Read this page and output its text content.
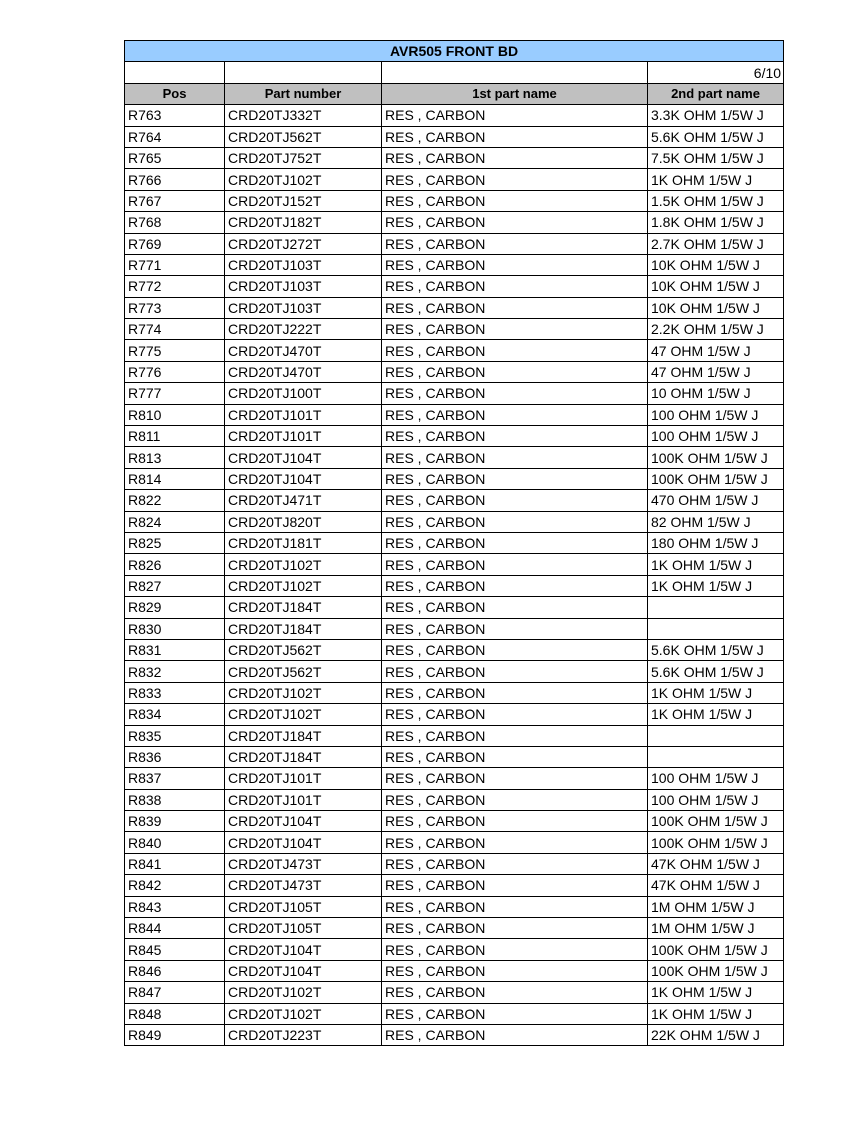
AVR505 FRONT BD			
			6/10
Pos	Part number	1st part name	2nd part name
R763	CRD20TJ332T	RES , CARBON	3.3K OHM 1/5W J
R764	CRD20TJ562T	RES , CARBON	5.6K OHM 1/5W J
R765	CRD20TJ752T	RES , CARBON	7.5K OHM 1/5W J
R766	CRD20TJ102T	RES , CARBON	1K OHM 1/5W J
R767	CRD20TJ152T	RES , CARBON	1.5K OHM 1/5W J
R768	CRD20TJ182T	RES , CARBON	1.8K OHM 1/5W J
R769	CRD20TJ272T	RES , CARBON	2.7K OHM 1/5W J
R771	CRD20TJ103T	RES , CARBON	10K OHM 1/5W J
R772	CRD20TJ103T	RES , CARBON	10K OHM 1/5W J
R773	CRD20TJ103T	RES , CARBON	10K OHM 1/5W J
R774	CRD20TJ222T	RES , CARBON	2.2K OHM 1/5W J
R775	CRD20TJ470T	RES , CARBON	47 OHM 1/5W J
R776	CRD20TJ470T	RES , CARBON	47 OHM 1/5W J
R777	CRD20TJ100T	RES , CARBON	10 OHM 1/5W J
R810	CRD20TJ101T	RES , CARBON	100 OHM 1/5W J
R811	CRD20TJ101T	RES , CARBON	100 OHM 1/5W J
R813	CRD20TJ104T	RES , CARBON	100K OHM 1/5W J
R814	CRD20TJ104T	RES , CARBON	100K OHM 1/5W J
R822	CRD20TJ471T	RES , CARBON	470 OHM 1/5W J
R824	CRD20TJ820T	RES , CARBON	82 OHM 1/5W J
R825	CRD20TJ181T	RES , CARBON	180 OHM 1/5W J
R826	CRD20TJ102T	RES , CARBON	1K OHM 1/5W J
R827	CRD20TJ102T	RES , CARBON	1K OHM 1/5W J
R829	CRD20TJ184T	RES , CARBON	
R830	CRD20TJ184T	RES , CARBON	
R831	CRD20TJ562T	RES , CARBON	5.6K OHM 1/5W J
R832	CRD20TJ562T	RES , CARBON	5.6K OHM 1/5W J
R833	CRD20TJ102T	RES , CARBON	1K OHM 1/5W J
R834	CRD20TJ102T	RES , CARBON	1K OHM 1/5W J
R835	CRD20TJ184T	RES , CARBON	
R836	CRD20TJ184T	RES , CARBON	
R837	CRD20TJ101T	RES , CARBON	100 OHM 1/5W J
R838	CRD20TJ101T	RES , CARBON	100 OHM 1/5W J
R839	CRD20TJ104T	RES , CARBON	100K OHM 1/5W J
R840	CRD20TJ104T	RES , CARBON	100K OHM 1/5W J
R841	CRD20TJ473T	RES , CARBON	47K OHM 1/5W J
R842	CRD20TJ473T	RES , CARBON	47K OHM 1/5W J
R843	CRD20TJ105T	RES , CARBON	1M OHM 1/5W J
R844	CRD20TJ105T	RES , CARBON	1M OHM 1/5W J
R845	CRD20TJ104T	RES , CARBON	100K OHM 1/5W J
R846	CRD20TJ104T	RES , CARBON	100K OHM 1/5W J
R847	CRD20TJ102T	RES , CARBON	1K OHM 1/5W J
R848	CRD20TJ102T	RES , CARBON	1K OHM 1/5W J
R849	CRD20TJ223T	RES , CARBON	22K OHM 1/5W J
